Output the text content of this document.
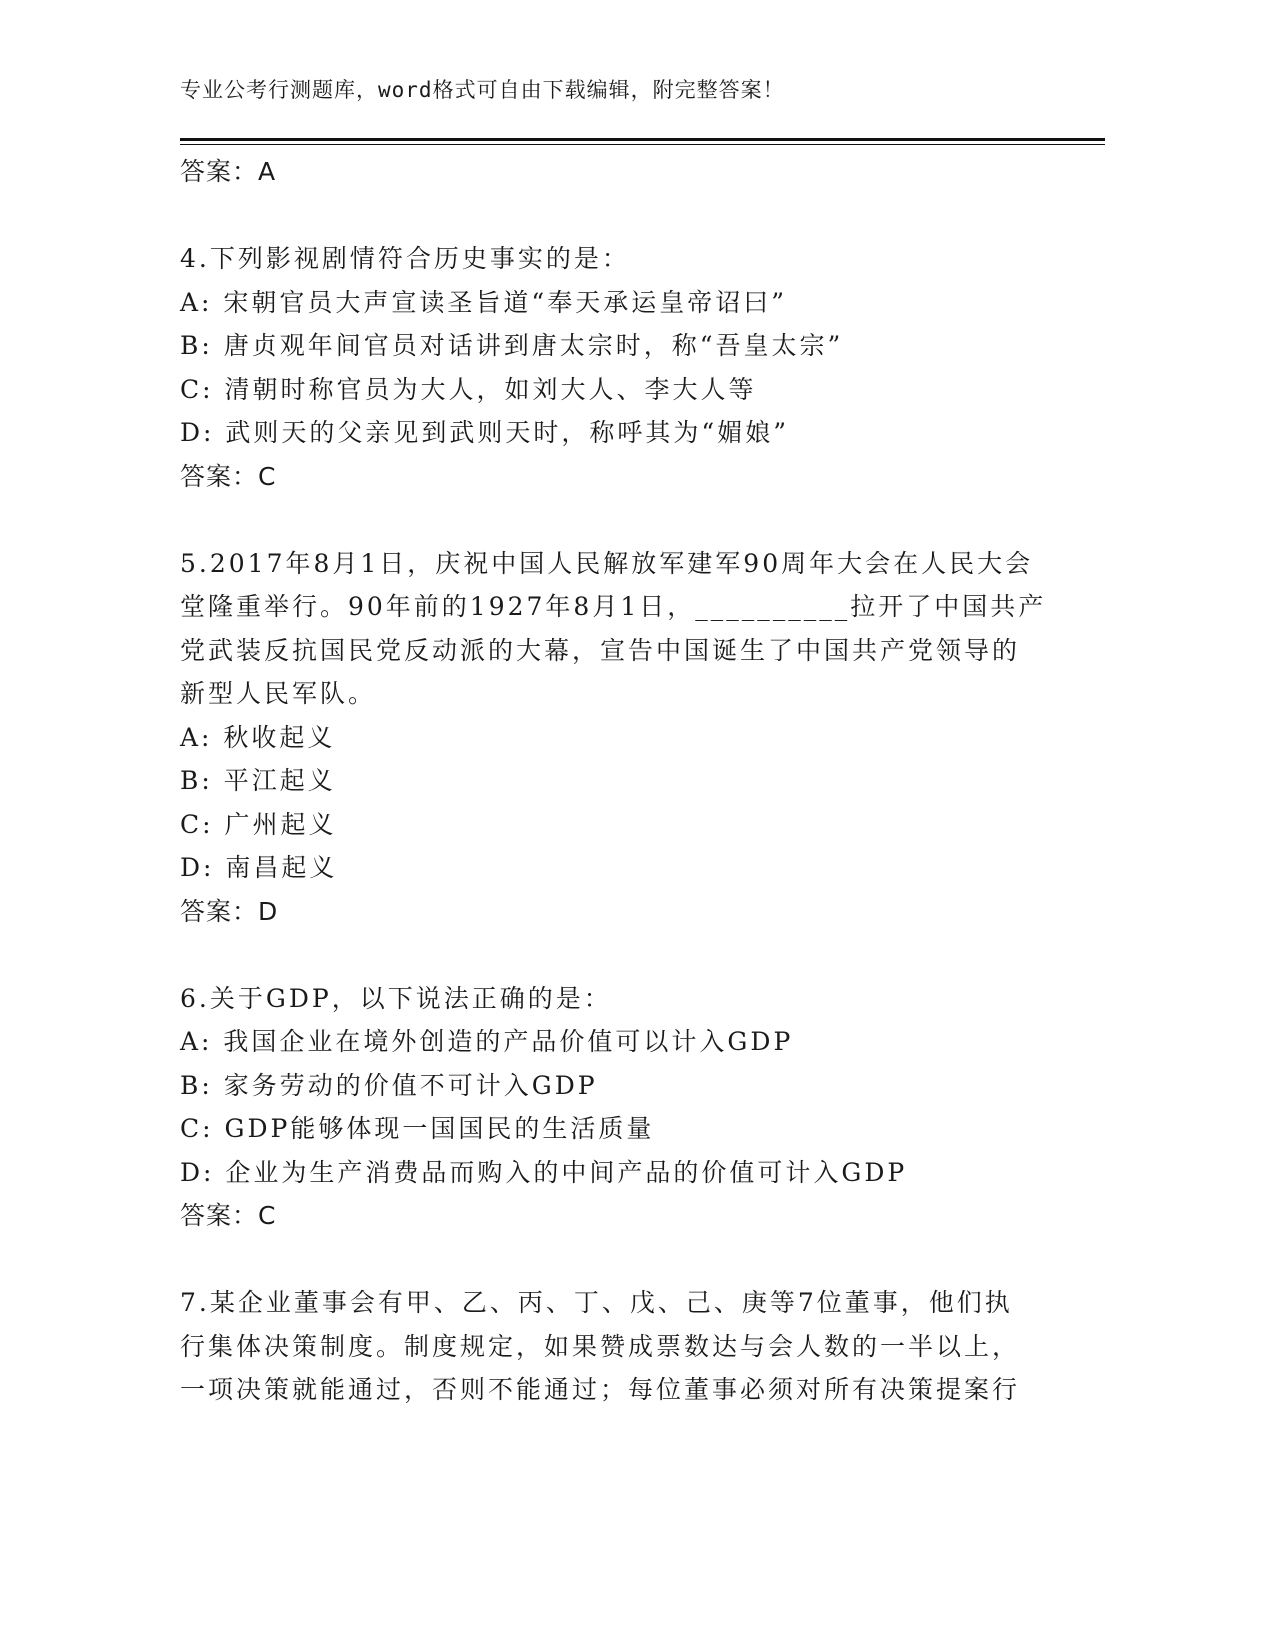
专业公考行测题库，word格式可自由下载编辑，附完整答案！
答案：A
4.下列影视剧情符合历史事实的是：
A: 宋朝官员大声宣读圣旨道“奉天承运皇帝诏曰”
B: 唐贞观年间官员对话讲到唐太宗时，称“吾皇太宗”
C: 清朝时称官员为大人，如刘大人、李大人等
D: 武则天的父亲见到武则天时，称呼其为“媚娘”
答案：C
5.2017年8月1日，庆祝中国人民解放军建军90周年大会在人民大会
堂隆重举行。90年前的1927年8月1日，__________拉开了中国共产
党武装反抗国民党反动派的大幕，宣告中国诞生了中国共产党领导的
新型人民军队。
A: 秋收起义
B: 平江起义
C: 广州起义
D: 南昌起义
答案：D
6.关于GDP，以下说法正确的是：
A: 我国企业在境外创造的产品价值可以计入GDP
B: 家务劳动的价值不可计入GDP
C: GDP能够体现一国国民的生活质量
D: 企业为生产消费品而购入的中间产品的价值可计入GDP
答案：C
7.某企业董事会有甲、乙、丙、丁、戊、己、庚等7位董事，他们执
行集体决策制度。制度规定，如果赞成票数达与会人数的一半以上，
一项决策就能通过，否则不能通过；每位董事必须对所有决策提案行
